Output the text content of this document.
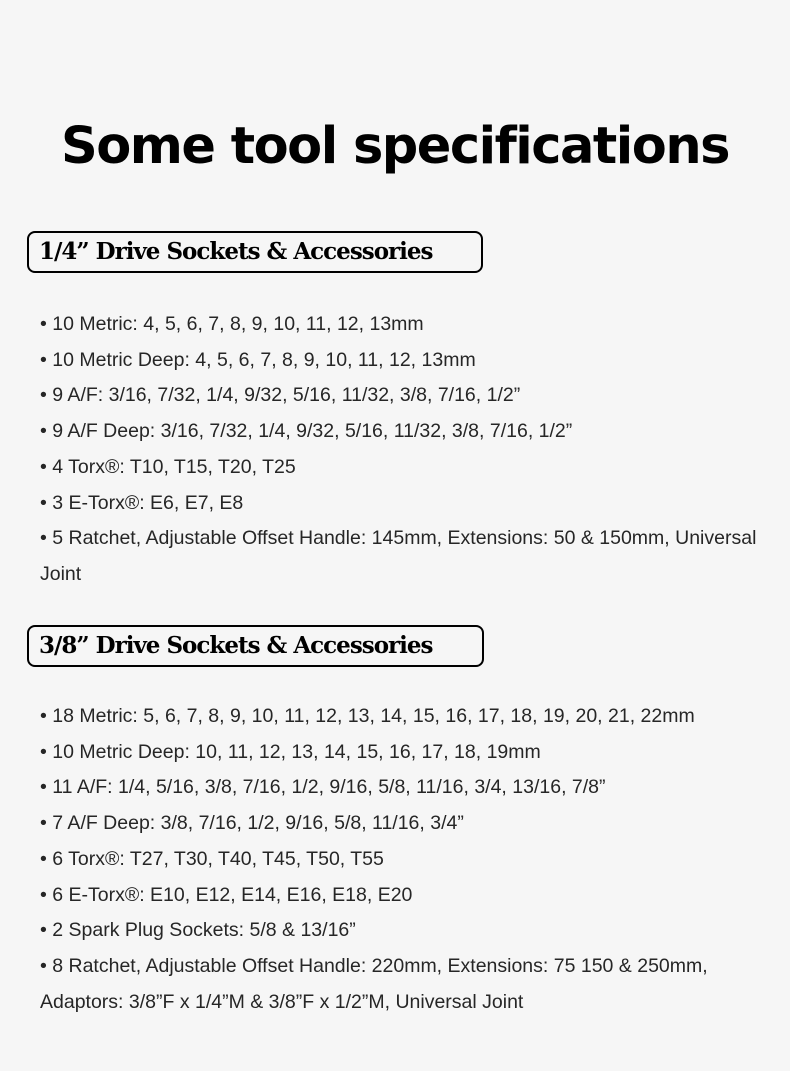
Some tool specifications
1/4” Drive Sockets & Accessories
• 10 Metric: 4, 5, 6, 7, 8, 9, 10, 11, 12, 13mm
• 10 Metric Deep: 4, 5, 6, 7, 8, 9, 10, 11, 12, 13mm
• 9 A/F: 3/16, 7/32, 1/4, 9/32, 5/16, 11/32, 3/8, 7/16, 1/2”
• 9 A/F Deep: 3/16, 7/32, 1/4, 9/32, 5/16, 11/32, 3/8, 7/16, 1/2”
• 4 Torx®: T10, T15, T20, T25
• 3 E-Torx®: E6, E7, E8
• 5 Ratchet, Adjustable Offset Handle: 145mm, Extensions: 50 & 150mm, Universal Joint
3/8” Drive Sockets & Accessories
• 18 Metric: 5, 6, 7, 8, 9, 10, 11, 12, 13, 14, 15, 16, 17, 18, 19, 20, 21, 22mm
• 10 Metric Deep: 10, 11, 12, 13, 14, 15, 16, 17, 18, 19mm
• 11 A/F: 1/4, 5/16, 3/8, 7/16, 1/2, 9/16, 5/8, 11/16, 3/4, 13/16, 7/8”
• 7 A/F Deep: 3/8, 7/16, 1/2, 9/16, 5/8, 11/16, 3/4”
• 6 Torx®: T27, T30, T40, T45, T50, T55
• 6 E-Torx®: E10, E12, E14, E16, E18, E20
• 2 Spark Plug Sockets: 5/8 & 13/16”
• 8 Ratchet, Adjustable Offset Handle: 220mm, Extensions: 75 150 & 250mm, Adaptors: 3/8”F x 1/4”M & 3/8”F x 1/2”M, Universal Joint
